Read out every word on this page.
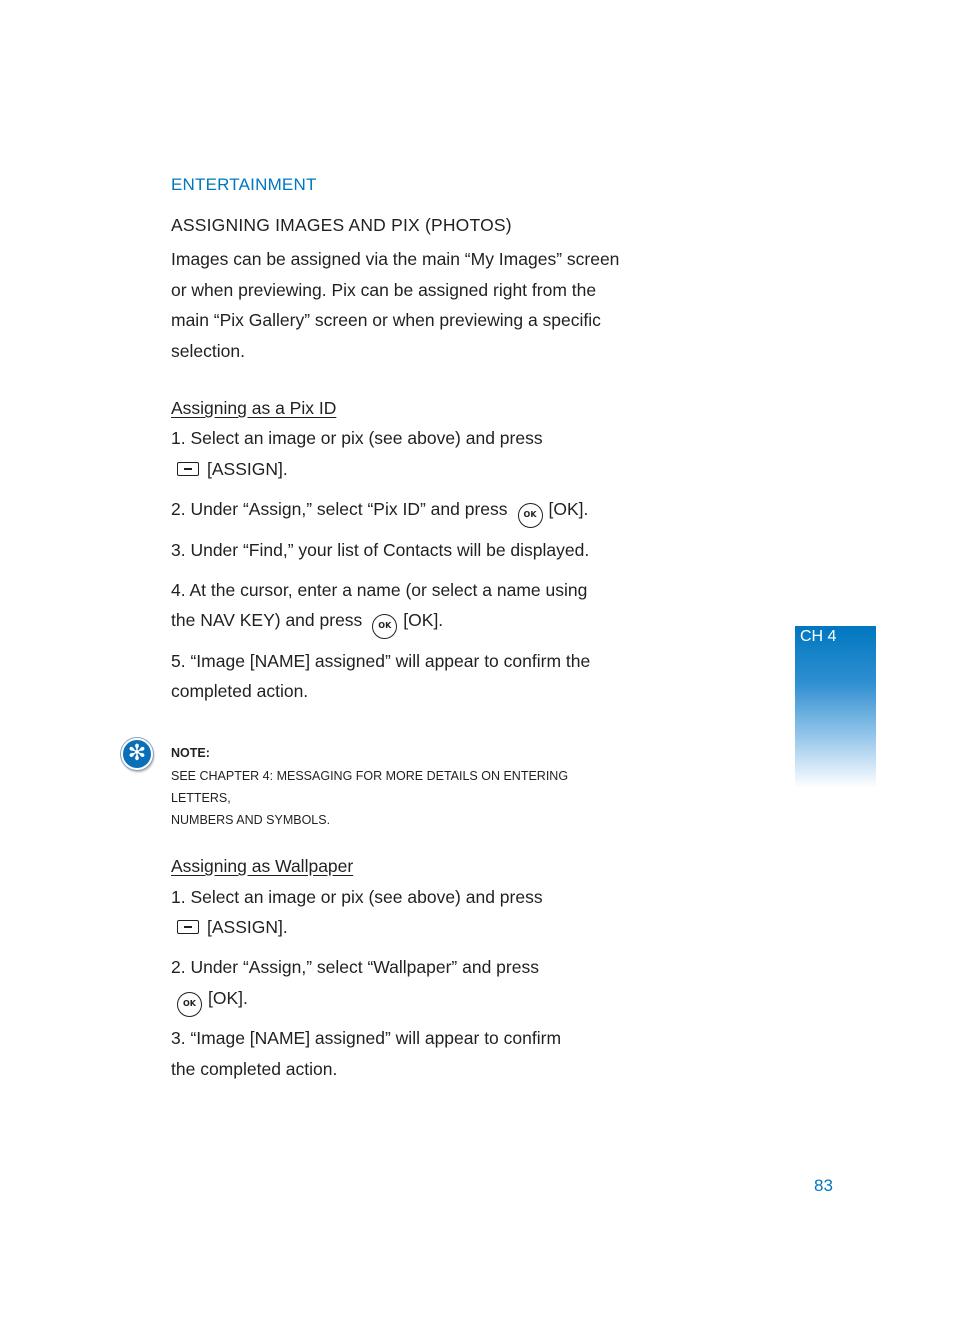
ENTERTAINMENT
ASSIGNING IMAGES AND PIX (PHOTOS)
Images can be assigned via the main “My Images” screen or when previewing. Pix can be assigned right from the main “Pix Gallery” screen or when previewing a specific selection.
Assigning as a Pix ID
1. Select an image or pix (see above) and press
[ASSIGN].
2. Under “Assign,” select “Pix ID” and press OK [OK].
3. Under “Find,” your list of Contacts will be displayed.
4. At the cursor, enter a name (or select a name using
the NAV KEY) and press OK [OK].
5. “Image [NAME] assigned” will appear to confirm the
completed action.
✻	NOTE:
SEE CHAPTER 4: MESSAGING FOR MORE DETAILS ON ENTERING LETTERS,
NUMBERS AND SYMBOLS.
Assigning as Wallpaper
1. Select an image or pix (see above) and press
[ASSIGN].
2. Under “Assign,” select “Wallpaper” and press
OK [OK].
3. “Image [NAME] assigned” will appear to confirm
the completed action.
CH 4
83
